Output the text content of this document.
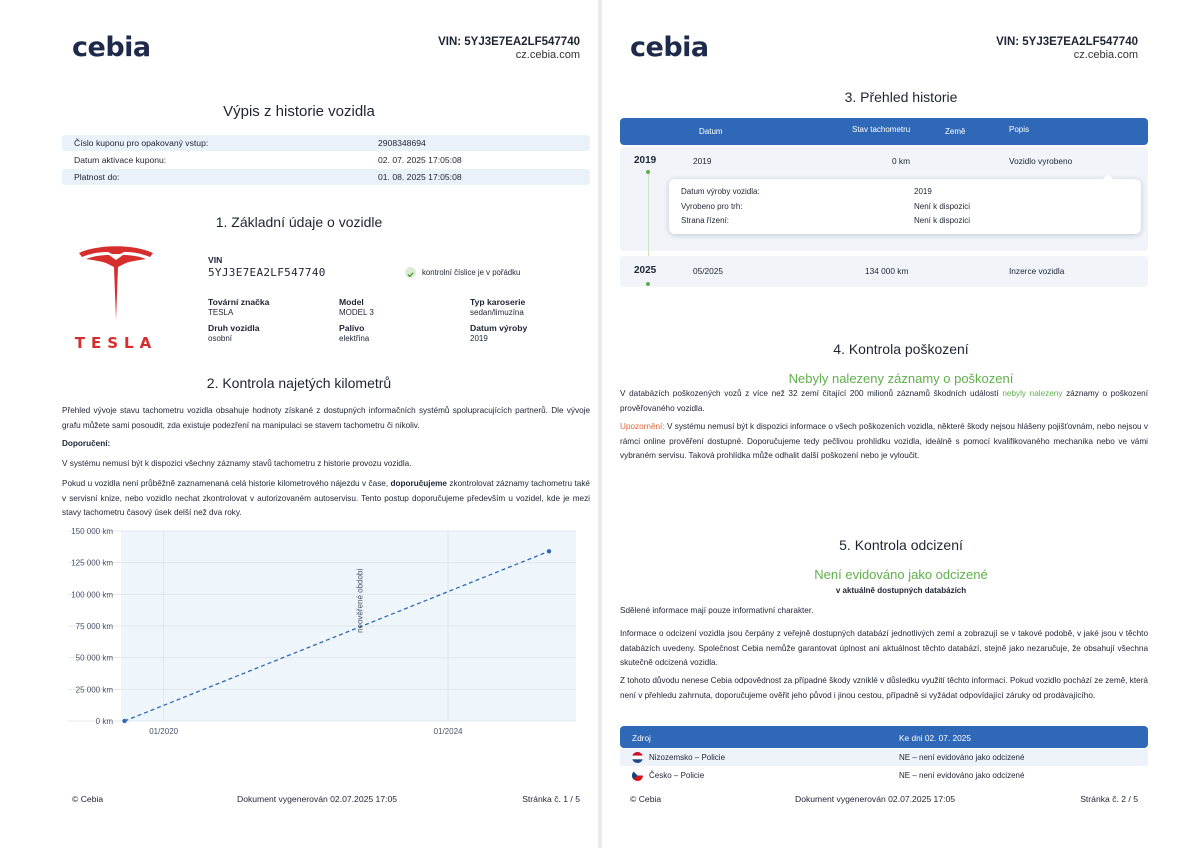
cebia	VIN: 5YJ3E7EA2LF547740
cz.cebia.com
Výpis z historie vozidla
Číslo kuponu pro opakovaný vstup:	2908348694
Datum aktivace kuponu:	02. 07. 2025 17:05:08
Platnost do:	01. 08. 2025 17:05:08
1. Základní údaje o vozidle
TESLA
VIN
5YJ3E7EA2LF547740	kontrolní číslice je v pořádku
Tovární značka
TESLA
Model
MODEL 3
Typ karoserie
sedan/limuzína
Druh vozidla
osobní
Palivo
elektřina
Datum výroby
2019
2. Kontrola najetých kilometrů
Přehled vývoje stavu tachometru vozidla obsahuje hodnoty získané z dostupných informačních systémů spolupracujících partnerů. Dle vývoje grafu můžete sami posoudit, zda existuje podezření na manipulaci se stavem tachometru či nikoliv.
Doporučení:
V systému nemusí být k dispozici všechny záznamy stavů tachometru z historie provozu vozidla.
Pokud u vozidla není průběžně zaznamenaná celá historie kilometrového nájezdu v čase, doporučujeme zkontrolovat záznamy tachometru také v servisní knize, nebo vozidlo nechat zkontrolovat v autorizovaném autoservisu. Tento postup doporučujeme především u vozidel, kde je mezi stavy tachometru časový úsek delší než dva roky.
150 000 km
125 000 km
100 000 km
75 000 km
50 000 km
25 000 km
0 km
01/2020	01/2024
neověřené období
© Cebia	Dokument vygenerován 02.07.2025 17:05	Stránka č. 1 / 5
cebia	VIN: 5YJ3E7EA2LF547740
cz.cebia.com
3. Přehled historie
Datum	Stav tachometru	Země	Popis
2019	2019	0 km	Vozidlo vyrobeno
Datum výroby vozidla:	2019
Vyrobeno pro trh:	Není k dispozici
Strana řízení:	Není k dispozici
2025	05/2025	134 000 km	Inzerce vozidla
4. Kontrola poškození
Nebyly nalezeny záznamy o poškození
V databázích poškozených vozů z více než 32 zemí čítající 200 milionů záznamů škodních událostí nebyly nalezeny záznamy o poškození prověřovaného vozidla.
Upozornění: V systému nemusí být k dispozici informace o všech poškozeních vozidla, některé škody nejsou hlášeny pojišťovnám, nebo nejsou v rámci online prověření dostupné. Doporučujeme tedy pečlivou prohlídku vozidla, ideálně s pomocí kvalifikovaného mechanika nebo ve vámi vybraném servisu. Taková prohlídka může odhalit další poškození nebo je vyloučit.
5. Kontrola odcizení
Není evidováno jako odcizené
v aktuálně dostupných databázích
Sdělené informace mají pouze informativní charakter.
Informace o odcizení vozidla jsou čerpány z veřejně dostupných databází jednotlivých zemí a zobrazují se v takové podobě, v jaké jsou v těchto databázích uvedeny. Společnost Cebia nemůže garantovat úplnost ani aktuálnost těchto databází, stejně jako nezaručuje, že obsahují všechna skutečně odcizená vozidla.
Z tohoto důvodu nenese Cebia odpovědnost za případné škody vzniklé v důsledku využití těchto informací. Pokud vozidlo pochází ze země, která není v přehledu zahrnuta, doporučujeme ověřit jeho původ i jinou cestou, případně si vyžádat odpovídající záruky od prodávajícího.
Zdroj	Ke dni 02. 07. 2025
Nizozemsko – Policie	NE – není evidováno jako odcizené
Česko – Policie	NE – není evidováno jako odcizené
© Cebia	Dokument vygenerován 02.07.2025 17:05	Stránka č. 2 / 5
